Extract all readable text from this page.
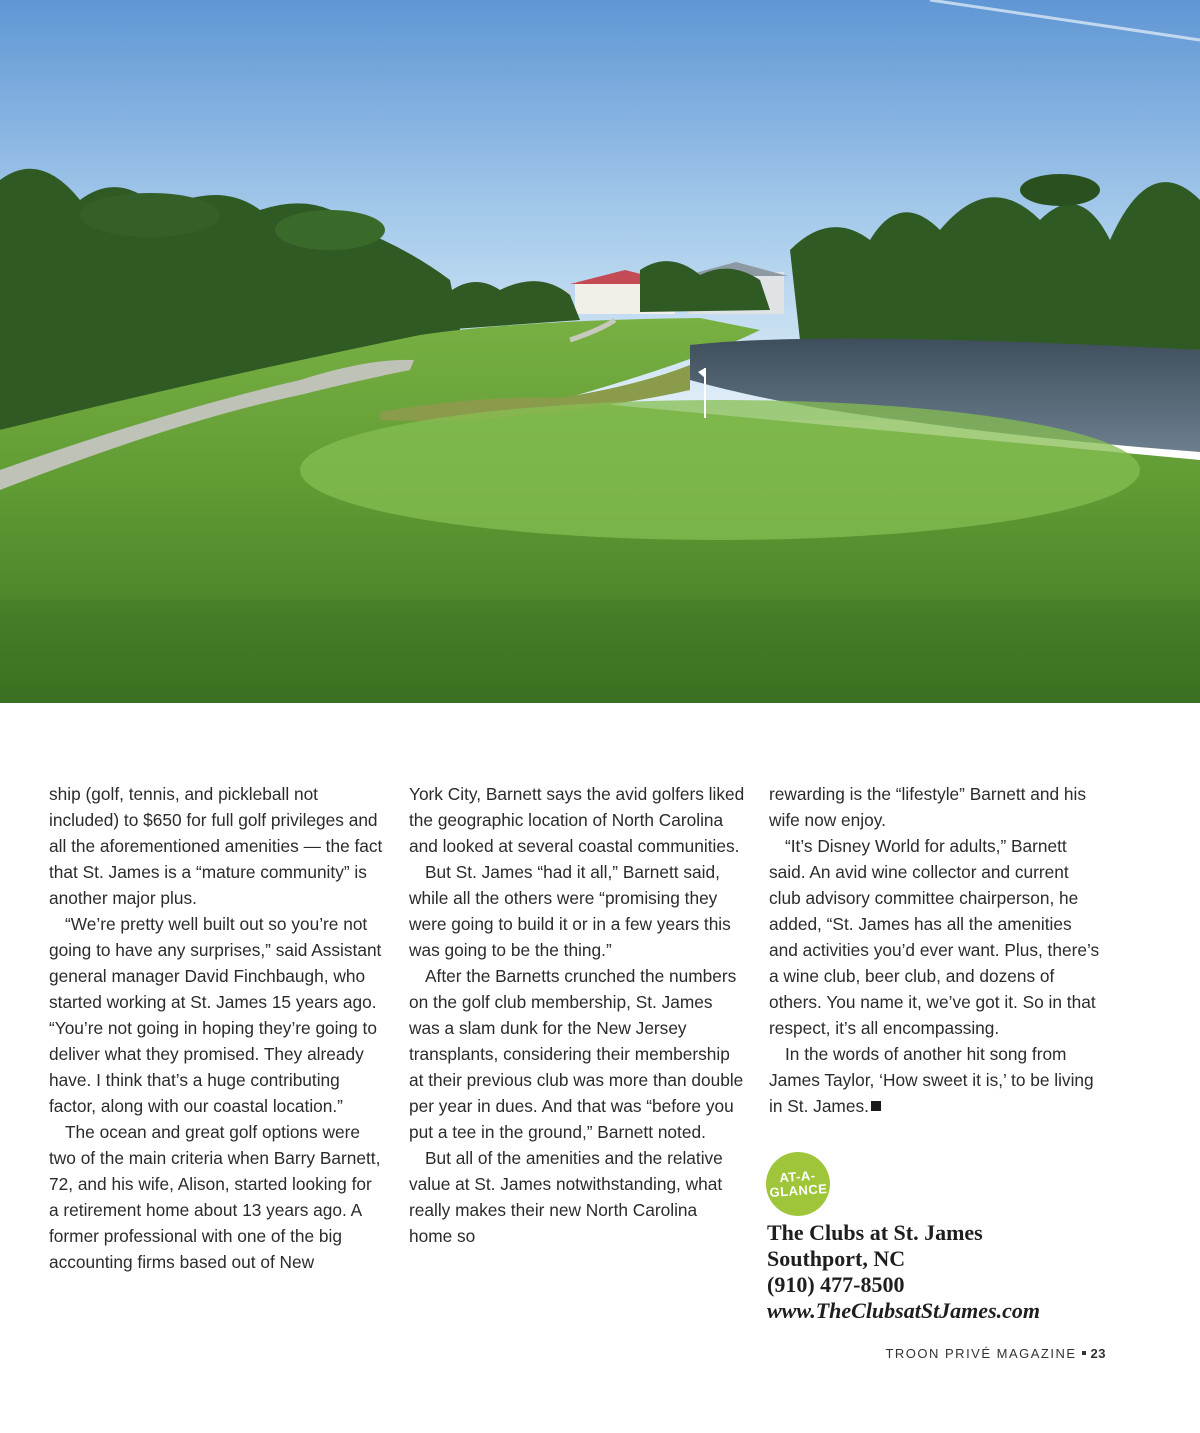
ship (golf, tennis, and pickleball not included) to $650 for full golf privileges and all the aforementioned amenities — the fact that St. James is a “mature community” is another major plus.

“We’re pretty well built out so you’re not going to have any surprises,” said Assistant general manager David Finchbaugh, who started working at St. James 15 years ago. “You’re not going in hoping they’re going to deliver what they promised. They already have. I think that’s a huge contributing factor, along with our coastal location.”

The ocean and great golf options were two of the main criteria when Barry Barnett, 72, and his wife, Alison, started looking for a retirement home about 13 years ago. A former professional with one of the big accounting firms based out of New

York City, Barnett says the avid golfers liked the geographic location of North Carolina and looked at several coastal communities.

But St. James “had it all,” Barnett said, while all the others were “promising they were going to build it or in a few years this was going to be the thing.”

After the Barnetts crunched the numbers on the golf club membership, St. James was a slam dunk for the New Jersey transplants, considering their membership at their previous club was more than double per year in dues. And that was “before you put a tee in the ground,” Barnett noted.

But all of the amenities and the relative value at St. James notwithstanding, what really makes their new North Carolina home so

rewarding is the “lifestyle” Barnett and his wife now enjoy.

“It’s Disney World for adults,” Barnett said. An avid wine collector and current club advisory committee chairperson, he added, “St. James has all the amenities and activities you’d ever want. Plus, there’s a wine club, beer club, and dozens of others. You name it, we’ve got it. So in that respect, it’s all encompassing.

In the words of another hit song from James Taylor, ‘How sweet it is,’ to be living in St. James.

AT-A-
GLANCE
The Clubs at St. James
Southport, NC
(910) 477-8500
www.TheClubsatStJames.com
TROON PRIVÉ MAGAZINE 23
